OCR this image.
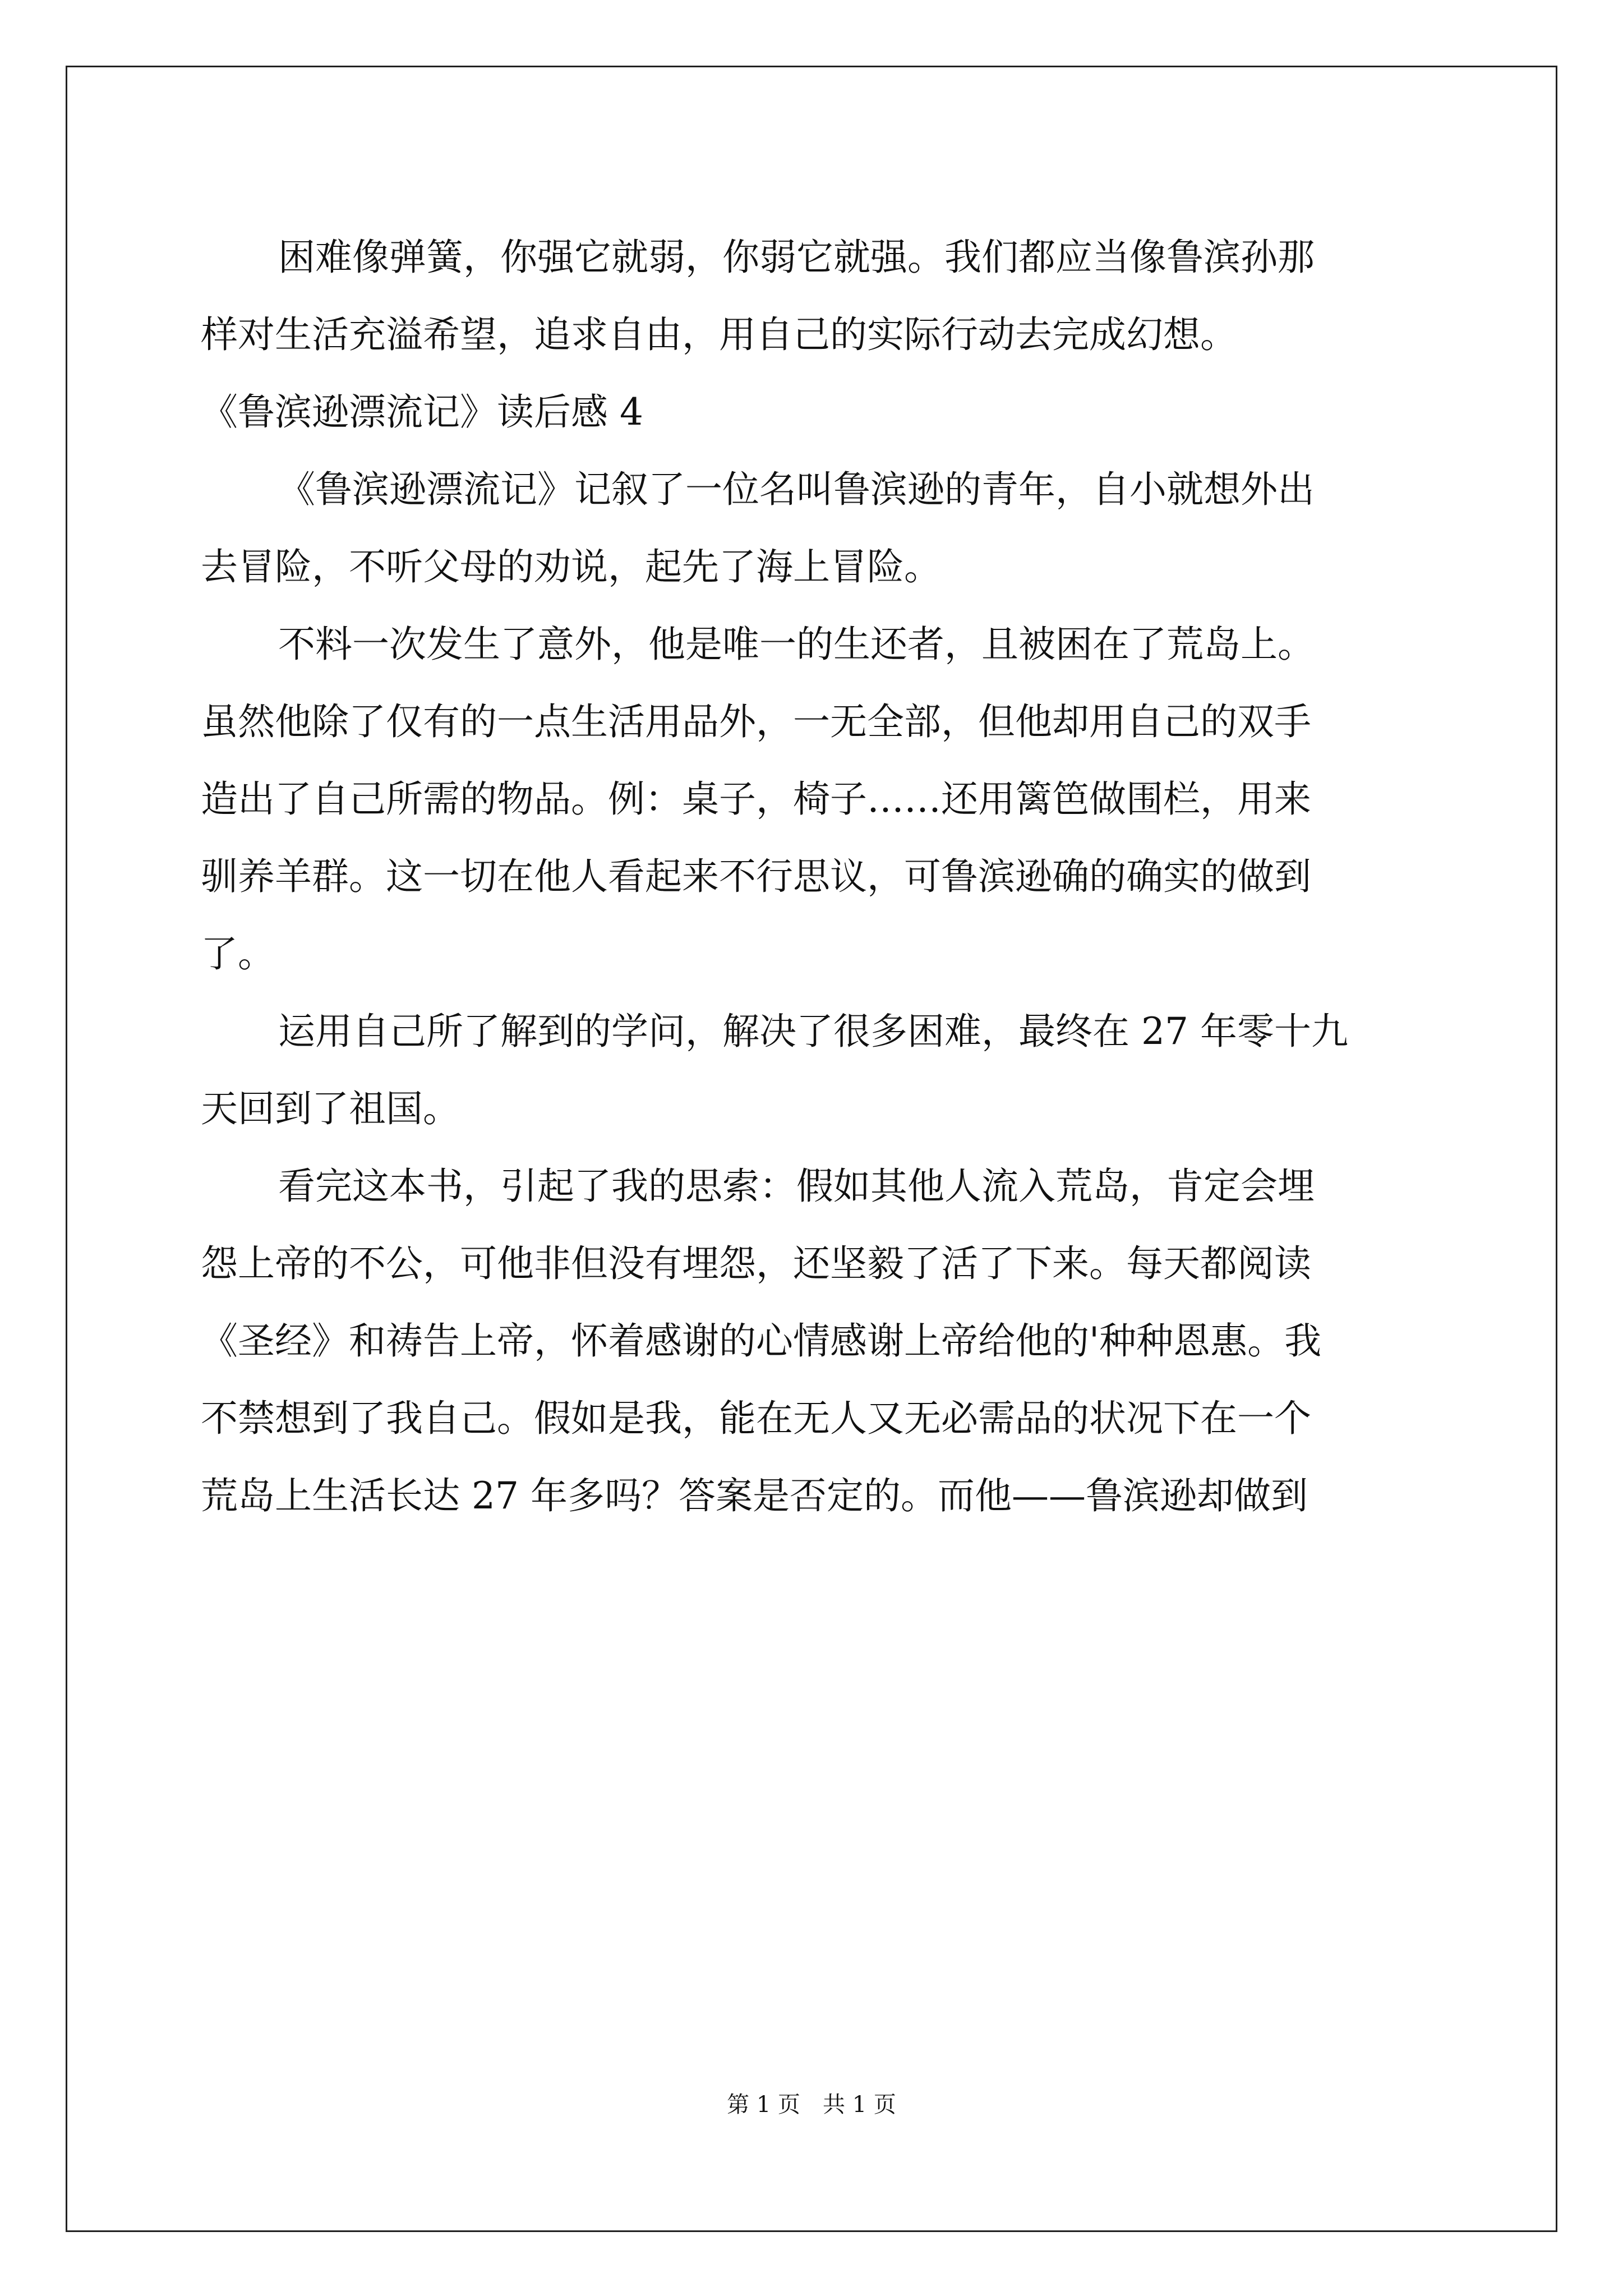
困难像弹簧，你强它就弱，你弱它就强。我们都应当像鲁滨孙那
样对生活充溢希望，追求自由，用自己的实际行动去完成幻想。
《鲁滨逊漂流记》读后感 4
《鲁滨逊漂流记》记叙了一位名叫鲁滨逊的青年，自小就想外出
去冒险，不听父母的劝说，起先了海上冒险。
不料一次发生了意外，他是唯一的生还者，且被困在了荒岛上。
虽然他除了仅有的一点生活用品外，一无全部，但他却用自己的双手
造出了自己所需的物品。例：桌子，椅子……还用篱笆做围栏，用来
驯养羊群。这一切在他人看起来不行思议，可鲁滨逊确的确实的做到
了。
运用自己所了解到的学问，解决了很多困难，最终在 27 年零十九
天回到了祖国。
看完这本书，引起了我的思索：假如其他人流入荒岛，肯定会埋
怨上帝的不公，可他非但没有埋怨，还坚毅了活了下来。每天都阅读
《圣经》和祷告上帝，怀着感谢的心情感谢上帝给他的'种种恩惠。我
不禁想到了我自己。假如是我，能在无人又无必需品的状况下在一个
荒岛上生活长达 27 年多吗？答案是否定的。而他——鲁滨逊却做到
第 1 页 共 1 页
